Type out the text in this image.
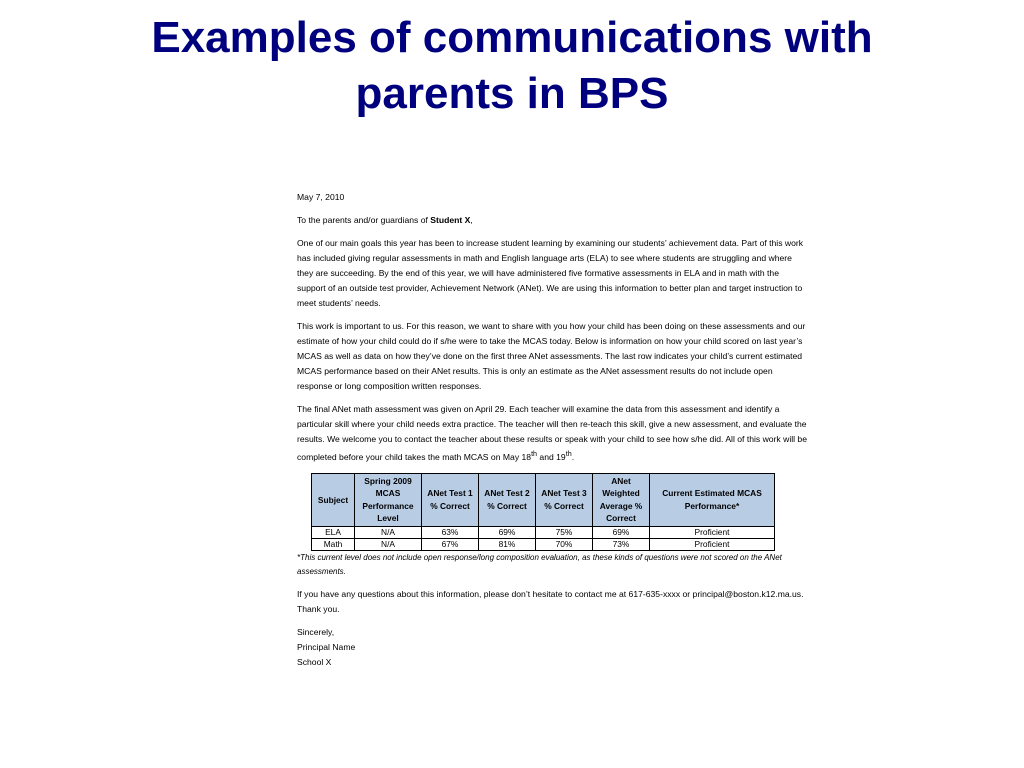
Examples of communications with
parents in BPS

May 7, 2010

To the parents and/or guardians of Student X,

One of our main goals this year has been to increase student learning by examining our students’ achievement data. Part of this work has included giving regular assessments in math and English language arts (ELA) to see where students are struggling and where they are succeeding. By the end of this year, we will have administered five formative assessments in ELA and in math with the support of an outside test provider, Achievement Network (ANet). We are using this information to better plan and target instruction to meet students’ needs.

This work is important to us. For this reason, we want to share with you how your child has been doing on these assessments and our estimate of how your child could do if s/he were to take the MCAS today. Below is information on how your child scored on last year’s MCAS as well as data on how they’ve done on the first three ANet assessments. The last row indicates your child’s current estimated MCAS performance based on their ANet results. This is only an estimate as the ANet assessment results do not include open response or long composition written responses.

The final ANet math assessment was given on April 29. Each teacher will examine the data from this assessment and identify a particular skill where your child needs extra practice. The teacher will then re-teach this skill, give a new assessment, and evaluate the results. We welcome you to contact the teacher about these results or speak with your child to see how s/he did. All of this work will be completed before your child takes the math MCAS on May 18th and 19th.

Subject	Spring 2009 MCAS Performance Level	ANet Test 1 % Correct	ANet Test 2 % Correct	ANet Test 3 % Correct	ANet Weighted Average % Correct	Current Estimated MCAS Performance*
ELA	N/A	63%	69%	75%	69%	Proficient
Math	N/A	67%	81%	70%	73%	Proficient

*This current level does not include open response/long composition evaluation, as these kinds of questions were not scored on the ANet assessments.

If you have any questions about this information, please don’t hesitate to contact me at 617-635-xxxx or principal@boston.k12.ma.us. Thank you.

Sincerely,
Principal Name
School X
